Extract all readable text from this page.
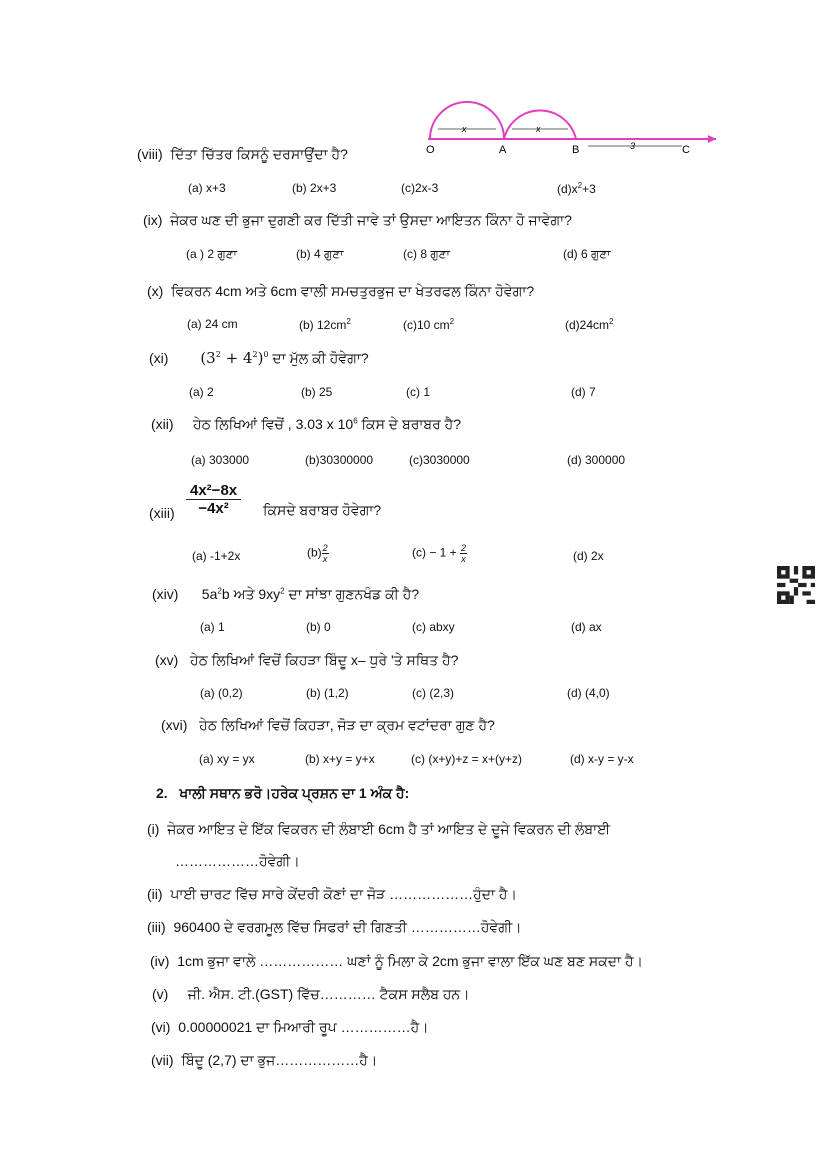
x	x
3
O	A	B	C
(viii) ਦਿੱਤਾ ਚਿੱਤਰ ਕਿਸਨੂੰ ਦਰਸਾਉਂਦਾ ਹੈ?
(a) x+3	(b) 2x+3	(c)2x-3	$(d)x^2+3$
(ix) ਜੇਕਰ ਘਣ ਦੀ ਭੁਜਾ ਦੁਗਣੀ ਕਰ ਦਿੱਤੀ ਜਾਵੇ ਤਾਂ ਉਸਦਾ ਆਇਤਨ ਕਿੰਨਾ ਹੋ ਜਾਵੇਗਾ?
(a ) 2 ਗੁਣਾ	(b) 4 ਗੁਣਾ	(c) 8 ਗੁਣਾ	(d) 6 ਗੁਣਾ
(x) ਵਿਕਰਨ 4cm ਅਤੇ 6cm ਵਾਲੀ ਸਮਚਤੁਰਭੁਜ ਦਾ ਖੇਤਰਫਲ ਕਿੰਨਾ ਹੋਵੇਗਾ?
(a) 24 cm	(b) $12cm^2$	(c)10 $cm^2$	$(d)24cm^2$
(xi) $(3^2 + 4^2)^0$ ਦਾ ਮੁੱਲ ਕੀ ਹੋਵੇਗਾ?
(a) 2	(b) 25	(c) 1	(d) 7
(xii) ਹੇਠ ਲਿਖਿਆਂ ਵਿਚੋਂ , 3.03 x $10^6$ ਕਿਸ ਦੇ ਬਰਾਬਰ ਹੈ?
(a) 303000	(b)30300000	(c)3030000	(d) 300000
(xiii) $\frac{\text{4x²−8x}}{\text{−4x²}}$ ਕਿਸਦੇ ਬਰਾਬਰ ਹੋਵੇਗਾ?
(a) -1+2x	$(b) \frac{2}{x}$	$(c) - 1 + \frac{2}{x}$	(d) 2x
(xiv) $5a^2b$ ਅਤੇ $9xy^2$ ਦਾ ਸਾਂਝਾ ਗੁਣਨਖੰਡ ਕੀ ਹੈ?
(a) 1	(b) 0	(c) abxy	(d) ax
(xv) ਹੇਠ ਲਿਖਿਆਂ ਵਿਚੋਂ ਕਿਹੜਾ ਬਿੰਦੂ x– ਧੁਰੇ 'ਤੇ ਸਥਿਤ ਹੈ?
(a) (0,2)	(b) (1,2)	(c) (2,3)	(d) (4,0)
(xvi) ਹੇਠ ਲਿਖਿਆਂ ਵਿਚੋਂ ਕਿਹੜਾ, ਜੋੜ ਦਾ ਕ੍ਰਮ ਵਟਾਂਦਰਾ ਗੁਣ ਹੈ?
(a) xy = yx	(b) x+y = y+x	(c) (x+y)+z = x+(y+z)	(d) x-y = y-x
2. ਖਾਲੀ ਸਥਾਨ ਭਰੋ।ਹਰੇਕ ਪ੍ਰਸ਼ਨ ਦਾ 1 ਅੰਕ ਹੈ:
(i) ਜੇਕਰ ਆਇਤ ਦੇ ਇੱਕ ਵਿਕਰਨ ਦੀ ਲੰਬਾਈ 6cm ਹੈ ਤਾਂ ਆਇਤ ਦੇ ਦੂਜੇ ਵਿਕਰਨ ਦੀ ਲੰਬਾਈ
………………ਹੋਵੇਗੀ।
(ii) ਪਾਈ ਚਾਰਟ ਵਿੱਚ ਸਾਰੇ ਕੇਂਦਰੀ ਕੋਣਾਂ ਦਾ ਜੋੜ ………………ਹੁੰਦਾ ਹੈ।
(iii) 960400 ਦੇ ਵਰਗਮੂਲ ਵਿੱਚ ਸਿਫਰਾਂ ਦੀ ਗਿਣਤੀ ……………ਹੋਵੇਗੀ।
(iv) 1cm ਭੁਜਾ ਵਾਲੇ ……………… ਘਣਾਂ ਨੂੰ ਮਿਲਾ ਕੇ 2cm ਭੁਜਾ ਵਾਲਾ ਇੱਕ ਘਣ ਬਣ ਸਕਦਾ ਹੈ।
(v) ਜੀ. ਐਸ. ਟੀ.(GST) ਵਿੱਚ………… ਟੈਕਸ ਸਲੈਬ ਹਨ।
(vi) 0.00000021 ਦਾ ਮਿਆਰੀ ਰੂਪ ……………ਹੈ।
(vii) ਬਿੰਦੂ (2,7) ਦਾ ਭੁਜ………………ਹੈ।
